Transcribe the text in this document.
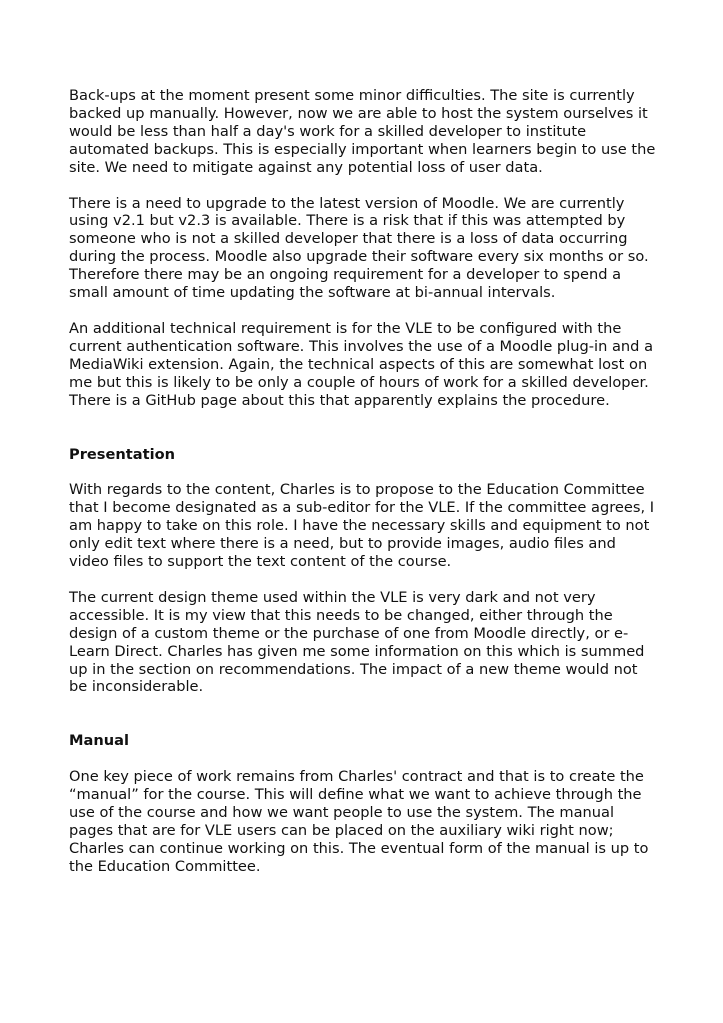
Back-ups at the moment present some minor difficulties. The site is currently backed up manually. However, now we are able to host the system ourselves it would be less than half a day's work for a skilled developer to institute automated backups. This is especially important when learners begin to use the site. We need to mitigate against any potential loss of user data.

There is a need to upgrade to the latest version of Moodle. We are currently using v2.1 but v2.3 is available. There is a risk that if this was attempted by someone who is not a skilled developer that there is a loss of data occurring during the process. Moodle also upgrade their software every six months or so. Therefore there may be an ongoing requirement for a developer to spend a small amount of time updating the software at bi-annual intervals.

An additional technical requirement is for the VLE to be configured with the current authentication software. This involves the use of a Moodle plug-in and a MediaWiki extension. Again, the technical aspects of this are somewhat lost on me but this is likely to be only a couple of hours of work for a skilled developer. There is a GitHub page about this that apparently explains the procedure.

Presentation

With regards to the content, Charles is to propose to the Education Committee that I become designated as a sub-editor for the VLE. If the committee agrees, I am happy to take on this role. I have the necessary skills and equipment to not only edit text where there is a need, but to provide images, audio files and video files to support the text content of the course.

The current design theme used within the VLE is very dark and not very accessible. It is my view that this needs to be changed, either through the design of a custom theme or the purchase of one from Moodle directly, or e-Learn Direct. Charles has given me some information on this which is summed up in the section on recommendations. The impact of a new theme would not be inconsiderable.

Manual

One key piece of work remains from Charles' contract and that is to create the “manual” for the course. This will define what we want to achieve through the use of the course and how we want people to use the system. The manual pages that are for VLE users can be placed on the auxiliary wiki right now; Charles can continue working on this. The eventual form of the manual is up to the Education Committee.
